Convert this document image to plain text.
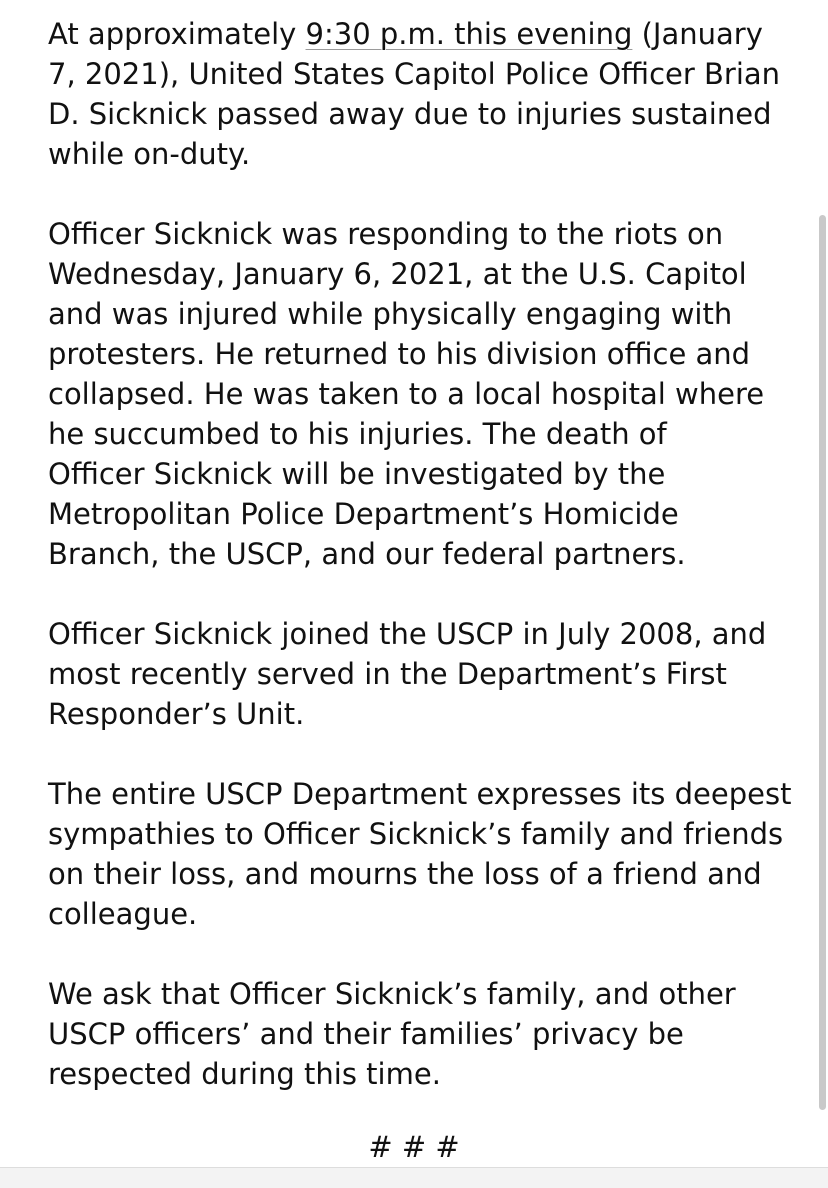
At approximately 9:30 p.m. this evening (January
7, 2021), United States Capitol Police Officer Brian
D. Sicknick passed away due to injuries sustained
while on-duty.

Officer Sicknick was responding to the riots on
Wednesday, January 6, 2021, at the U.S. Capitol
and was injured while physically engaging with
protesters. He returned to his division office and
collapsed. He was taken to a local hospital where
he succumbed to his injuries. The death of
Officer Sicknick will be investigated by the
Metropolitan Police Department’s Homicide
Branch, the USCP, and our federal partners.

Officer Sicknick joined the USCP in July 2008, and
most recently served in the Department’s First
Responder’s Unit.

The entire USCP Department expresses its deepest
sympathies to Officer Sicknick’s family and friends
on their loss, and mourns the loss of a friend and
colleague.

We ask that Officer Sicknick’s family, and other
USCP officers’ and their families’ privacy be
respected during this time.

# # #
